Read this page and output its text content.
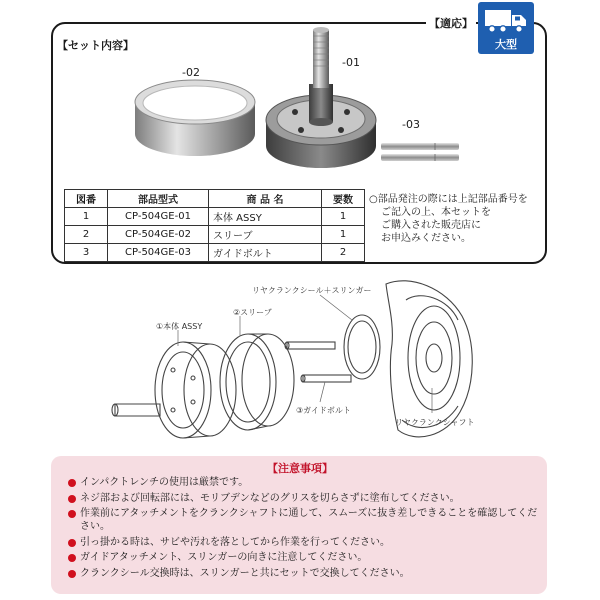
【セット内容】
【適応】
大型
-02
-01
-03
図番	部品型式	商 品 名	要数
1	CP-504GE-01	本体 ASSY	1
2	CP-504GE-02	スリーブ	1
3	CP-504GE-03	ガイドボルト	2
○部品発注の際には上記部品番号を
ご記入の上、本セットを
ご購入された販売店に
お申込みください。
①本体 ASSY
②スリーブ
リヤクランクシール＋スリンガー
③ガイドボルト
リヤクランクシャフト
【注意事項】
インパクトレンチの使用は厳禁です。
ネジ部および回転部には、モリブデンなどのグリスを切らさずに塗布してください。
作業前にアタッチメントをクランクシャフトに通して、スムーズに抜き差しできることを確認してください。
引っ掛かる時は、サビや汚れを落としてから作業を行ってください。
ガイドアタッチメント、スリンガーの向きに注意してください。
クランクシール交換時は、スリンガーと共にセットで交換してください。
